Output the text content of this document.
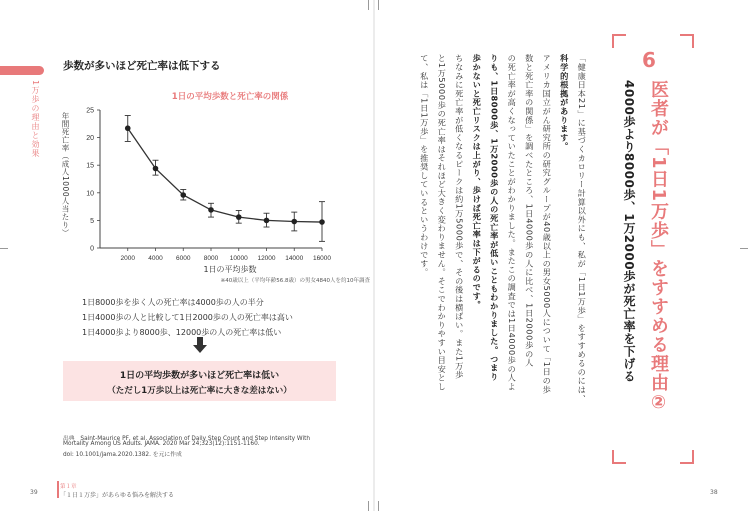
1万歩の理由と効果
歩数が多いほど死亡率は低下する
1日の平均歩数と死亡率の関係
年間死亡率（成人1000人当たり）
0
5
10
15
20
25
2000 4000 6000 8000 10000 12000 14000 16000
1日の平均歩数
※40歳以上（平均年齢56.8歳）の男女4840人を約10年調査
1日8000歩を歩く人の死亡率は4000歩の人の半分
1日4000歩の人と比較して1日2000歩の人の死亡率は高い
1日4000歩より8000歩、12000歩の人の死亡率は低い
1日の平均歩数が多いほど死亡率は低い
（ただし1万歩以上は死亡率に大きな差はない）
出典　Saint-Maurice PF, et al. Association of Daily Step Count and Step Intensity With
Mortality Among US Adults. JAMA. 2020 Mar 24;323(12):1151-1160.
doi: 10.1001/jama.2020.1382. を元に作成
39
第１章
「１日１万歩」があらゆる悩みを解決する
6
医者が「1日1万歩」をすすめる理由②
4000歩より8000歩、1万2000歩が死亡率を下げる
「健康日本21」に基づくカロリー計算以外にも、私が「1日1万歩」をすすめるのには、
科学的根拠があります。
アメリカ国立がん研究所の研究グループが40歳以上の男女5000人について「1日の歩
数と死亡率の関係」を調べたところ、1日4000歩の人に比べ、1日2000歩の人
の死亡率が高くなっていたことがわかりました。またこの調査では1日4000歩の人よ
りも、1日8000歩、1万2000歩の人の死亡率が低いこともわかりました。つまり
歩かないと死亡リスクは上がり、歩けば死亡率は下がるのです。
ちなみに死亡率が低くなるピークは約1万5000歩で、その後は横ばい。また1万歩
と1万5000歩の死亡率はそれほど大きく変わりません。そこでわかりやすい目安とし
て、私は「1日1万歩」を推奨しているというわけです。
38
